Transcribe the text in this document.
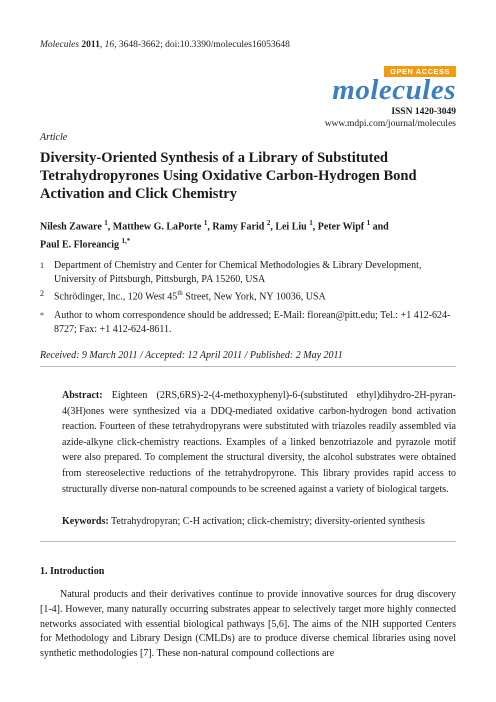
Molecules 2011, 16, 3648-3662; doi:10.3390/molecules16053648
OPEN ACCESS
molecules
ISSN 1420-3049
www.mdpi.com/journal/molecules
Article
Diversity-Oriented Synthesis of a Library of Substituted Tetrahydropyrones Using Oxidative Carbon-Hydrogen Bond Activation and Click Chemistry
Nilesh Zaware $^1$, Matthew G. LaPorte $^1$, Ramy Farid $^2$, Lei Liu $^1$, Peter Wipf $^1$ and
Paul E. Floreancig $^{1,*}$
1 Department of Chemistry and Center for Chemical Methodologies & Library Development, University of Pittsburgh, Pittsburgh, PA 15260, USA
2 Schrödinger, Inc., 120 West 45th Street, New York, NY 10036, USA
* Author to whom correspondence should be addressed; E-Mail: florean@pitt.edu; Tel.: +1 412-624-8727; Fax: +1 412-624-8611.
Received: 9 March 2011 / Accepted: 12 April 2011 / Published: 2 May 2011
Abstract: Eighteen (2RS,6RS)-2-(4-methoxyphenyl)-6-(substituted ethyl)dihydro-2H-pyran-4(3H)ones were synthesized via a DDQ-mediated oxidative carbon-hydrogen bond activation reaction. Fourteen of these tetrahydropyrans were substituted with triazoles readily assembled via azide-alkyne click-chemistry reactions. Examples of a linked benzotriazole and pyrazole motif were also prepared. To complement the structural diversity, the alcohol substrates were obtained from stereoselective reductions of the tetrahydropyrone. This library provides rapid access to structurally diverse non-natural compounds to be screened against a variety of biological targets.
Keywords: Tetrahydropyran; C-H activation; click-chemistry; diversity-oriented synthesis
1. Introduction
Natural products and their derivatives continue to provide innovative sources for drug discovery [1-4]. However, many naturally occurring substrates appear to selectively target more highly connected networks associated with essential biological pathways [5,6]. The aims of the NIH supported Centers for Methodology and Library Design (CMLDs) are to produce diverse chemical libraries using novel synthetic methodologies [7]. These non-natural compound collections are
